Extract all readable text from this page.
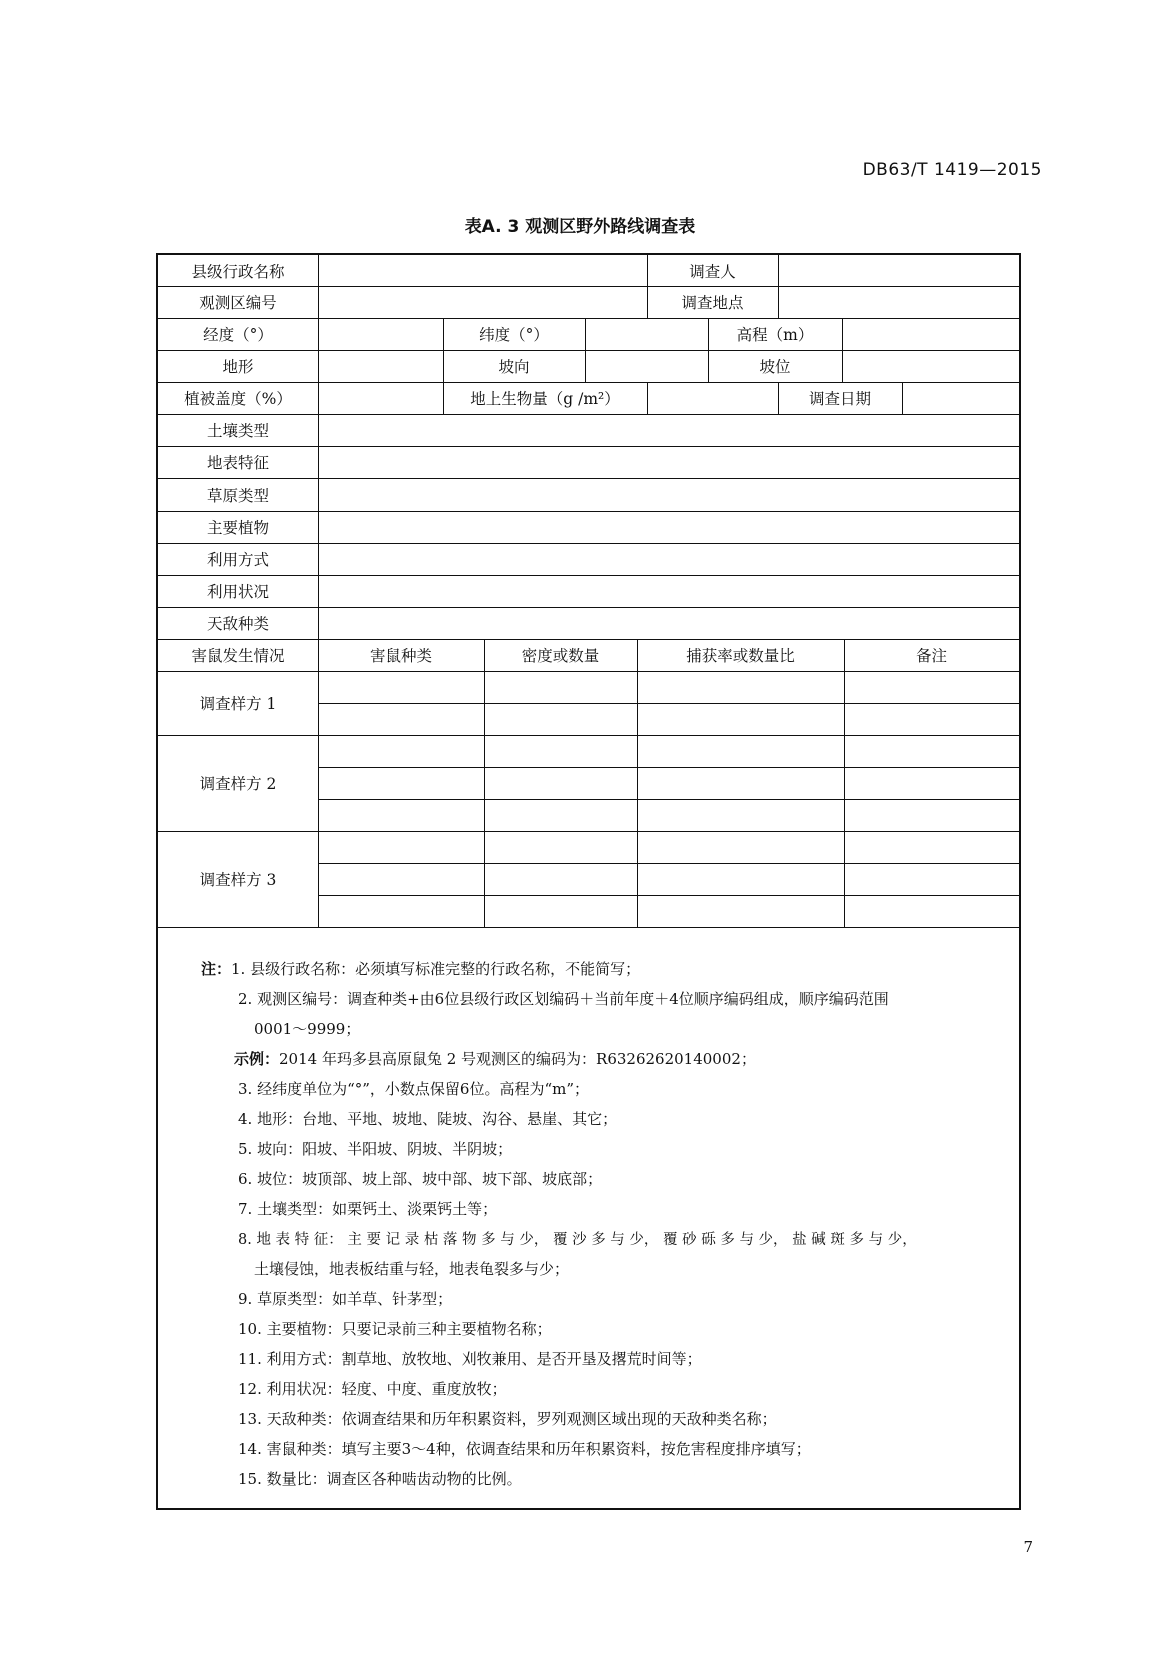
DB63/T 1419—2015
表A. 3 观测区野外路线调查表
县级行政名称	调查人
观测区编号	调查地点
经度（°）	纬度（°）	高程（m）
地形	坡向	坡位
植被盖度（%）	地上生物量（g /m²）	调查日期
土壤类型
地表特征
草原类型
主要植物
利用方式
利用状况
天敌种类
害鼠发生情况	害鼠种类	密度或数量	捕获率或数量比	备注
调查样方 1
调查样方 2
调查样方 3
注：1. 县级行政名称：必须填写标准完整的行政名称，不能简写；
2. 观测区编号：调查种类+由6位县级行政区划编码＋当前年度＋4位顺序编码组成，顺序编码范围
0001～9999；
示例：2014 年玛多县高原鼠兔 2 号观测区的编码为：R63262620140002；
3. 经纬度单位为“°”，小数点保留6位。高程为“m”；
4. 地形：台地、平地、坡地、陡坡、沟谷、悬崖、其它；
5. 坡向：阳坡、半阳坡、阴坡、半阴坡；
6. 坡位：坡顶部、坡上部、坡中部、坡下部、坡底部；
7. 土壤类型：如栗钙土、淡栗钙土等；
8. 地 表 特 征： 主 要 记 录 枯 落 物 多 与 少， 覆 沙 多 与 少， 覆 砂 砾 多 与 少， 盐 碱 斑 多 与 少，
土壤侵蚀，地表板结重与轻，地表龟裂多与少；
9. 草原类型：如羊草、针茅型；
10. 主要植物：只要记录前三种主要植物名称；
11. 利用方式：割草地、放牧地、刈牧兼用、是否开垦及撂荒时间等；
12. 利用状况：轻度、中度、重度放牧；
13. 天敌种类：依调查结果和历年积累资料，罗列观测区域出现的天敌种类名称；
14. 害鼠种类：填写主要3～4种，依调查结果和历年积累资料，按危害程度排序填写；
15. 数量比：调查区各种啮齿动物的比例。
7
